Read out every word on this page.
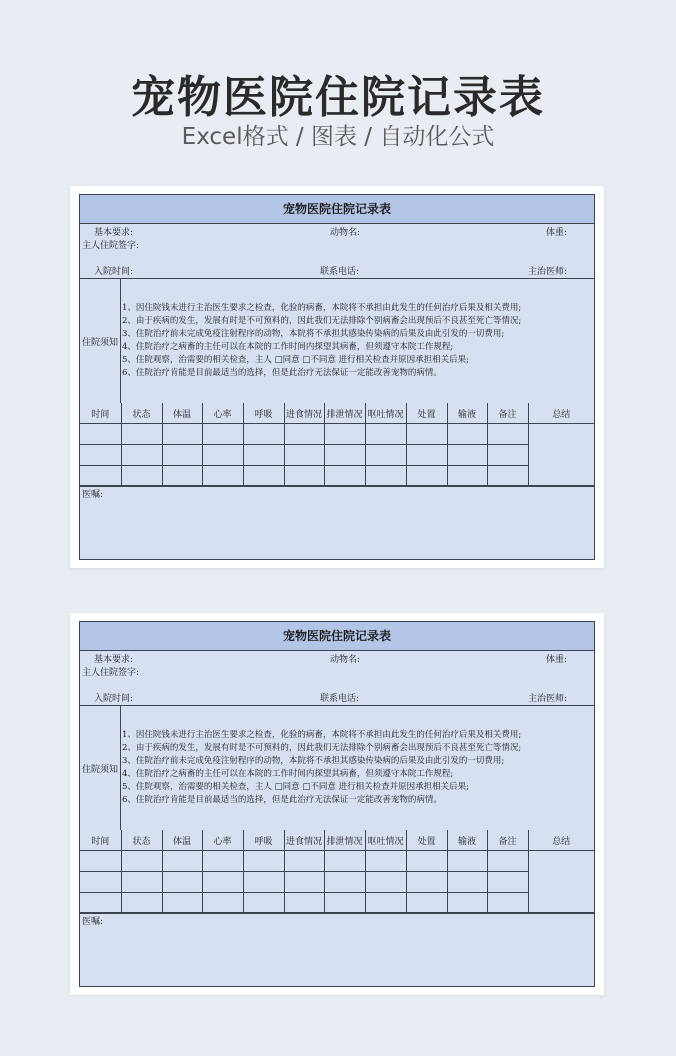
宠物医院住院记录表
Excel格式 / 图表 / 自动化公式
宠物医院住院记录表
基本要求:	动物名:	体重:
主人住院签字:
入院时间:	联系电话:	主治医师:
住院须知
1、因住院钱未进行主治医生要求之检查，化验的病畜，本院将不承担由此发生的任何治疗后果及相关费用;
2、由于疾病的发生，发展有时是不可预料的，因此我们无法排除个别病畜会出现预后不良甚至死亡等情况;
3、住院治疗前未完成免疫注射程序的动物，本院将不承担其感染传染病的后果及由此引发的一切费用;
4、住院治疗之病畜的主任可以在本院的工作时间内探望其病畜，但须遵守本院工作规程;
5、住院观察，治需要的相关检查，主人 □同意 □不同意 进行相关检查并原因承担相关后果;
6、住院治疗肯能是目前最适当的选择，但是此治疗无法保证一定能改善宠物的病情。
时间	状态	体温	心率	呼吸	进食情况	排泄情况	呕吐情况	处置	输液	备注	总结

医嘱:
宠物医院住院记录表
基本要求:	动物名:	体重:
主人住院签字:
入院时间:	联系电话:	主治医师:
住院须知
1、因住院钱未进行主治医生要求之检查，化验的病畜，本院将不承担由此发生的任何治疗后果及相关费用;
2、由于疾病的发生，发展有时是不可预料的，因此我们无法排除个别病畜会出现预后不良甚至死亡等情况;
3、住院治疗前未完成免疫注射程序的动物，本院将不承担其感染传染病的后果及由此引发的一切费用;
4、住院治疗之病畜的主任可以在本院的工作时间内探望其病畜，但须遵守本院工作规程;
5、住院观察，治需要的相关检查，主人 □同意 □不同意 进行相关检查并原因承担相关后果;
6、住院治疗肯能是目前最适当的选择，但是此治疗无法保证一定能改善宠物的病情。
时间	状态	体温	心率	呼吸	进食情况	排泄情况	呕吐情况	处置	输液	备注	总结

医嘱:
